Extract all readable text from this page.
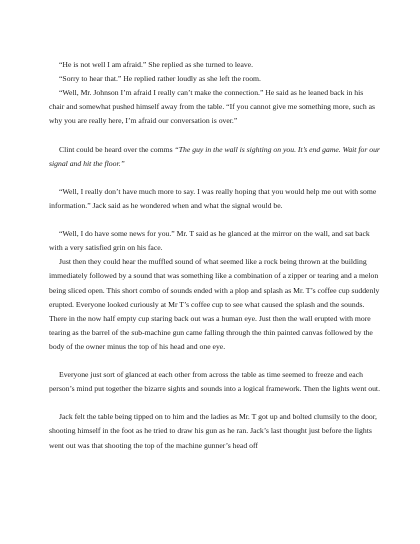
“He is not well I am afraid.” She replied as she turned to leave.

“Sorry to hear that.” He replied rather loudly as she left the room.

“Well, Mr. Johnson I’m afraid I really can’t make the connection.” He said as he leaned back in his chair and somewhat pushed himself away from the table. “If you cannot give me something more, such as why you are really here, I’m afraid our conversation is over.”

Clint could be heard over the comms “The guy in the wall is sighting on you. It’s end game. Wait for our signal and hit the floor.”

“Well, I really don’t have much more to say. I was really hoping that you would help me out with some information.” Jack said as he wondered when and what the signal would be.

“Well, I do have some news for you.” Mr. T said as he glanced at the mirror on the wall, and sat back with a very satisfied grin on his face.

Just then they could hear the muffled sound of what seemed like a rock being thrown at the building immediately followed by a sound that was something like a combination of a zipper or tearing and a melon being sliced open. This short combo of sounds ended with a plop and splash as Mr. T’s coffee cup suddenly erupted. Everyone looked curiously at Mr T’s coffee cup to see what caused the splash and the sounds. There in the now half empty cup staring back out was a human eye. Just then the wall erupted with more tearing as the barrel of the sub-machine gun came falling through the thin painted canvas followed by the body of the owner minus the top of his head and one eye.

Everyone just sort of glanced at each other from across the table as time seemed to freeze and each person’s mind put together the bizarre sights and sounds into a logical framework. Then the lights went out.

Jack felt the table being tipped on to him and the ladies as Mr. T got up and bolted clumsily to the door, shooting himself in the foot as he tried to draw his gun as he ran. Jack’s last thought just before the lights went out was that shooting the top of the machine gunner’s head off
